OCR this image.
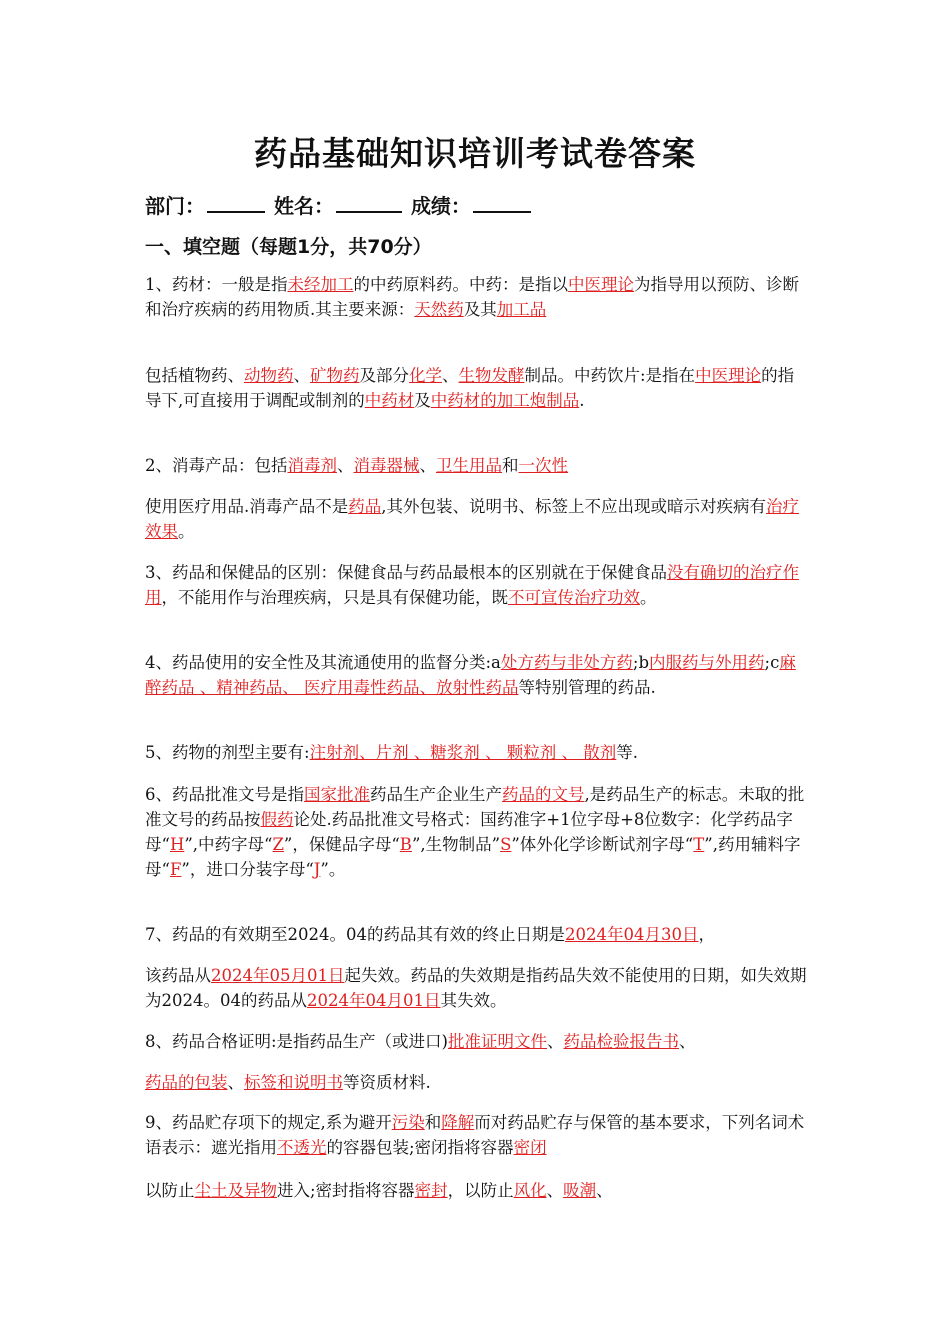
药品基础知识培训考试卷答案
部门：	姓名：	成绩：
一、填空题（每题1分，共70分）
1、药材：一般是指未经加工的中药原料药。中药：是指以中医理论为指导用以预防、诊断和治疗疾病的药用物质.其主要来源：天然药及其加工品
包括植物药、动物药、矿物药及部分化学、生物发酵制品。中药饮片:是指在中医理论的指导下,可直接用于调配或制剂的中药材及中药材的加工炮制品.
2、消毒产品：包括消毒剂、消毒器械、卫生用品和一次性
使用医疗用品.消毒产品不是药品,其外包装、说明书、标签上不应出现或暗示对疾病有治疗效果。
3、药品和保健品的区别：保健食品与药品最根本的区别就在于保健食品没有确切的治疗作用，不能用作与治理疾病，只是具有保健功能，既不可宣传治疗功效。
4、药品使用的安全性及其流通使用的监督分类:a处方药与非处方药;b内服药与外用药;c麻醉药品 、精神药品、 医疗用毒性药品、放射性药品等特别管理的药品.
5、药物的剂型主要有:注射剂、片剂 、糖浆剂 、 颗粒剂 、 散剂等.
6、药品批准文号是指国家批准药品生产企业生产药品的文号,是药品生产的标志。未取的批准文号的药品按假药论处.药品批准文号格式：国药准字+1位字母+8位数字：化学药品字母“H”,中药字母“Z”，保健品字母“B”,生物制品”S”体外化学诊断试剂字母“T”,药用辅料字母“F”，进口分装字母“J”。
7、药品的有效期至2024。04的药品其有效的终止日期是2024年04月30日，
该药品从2024年05月01日起失效。药品的失效期是指药品失效不能使用的日期，如失效期为2024。04的药品从2024年04月01日其失效。
8、药品合格证明:是指药品生产（或进口)批准证明文件、药品检验报告书、
药品的包装、标签和说明书等资质材料.
9、药品贮存项下的规定,系为避开污染和降解而对药品贮存与保管的基本要求，下列名词术语表示：遮光指用不透光的容器包装;密闭指将容器密闭
以防止尘土及异物进入;密封指将容器密封，以防止风化、吸潮、
